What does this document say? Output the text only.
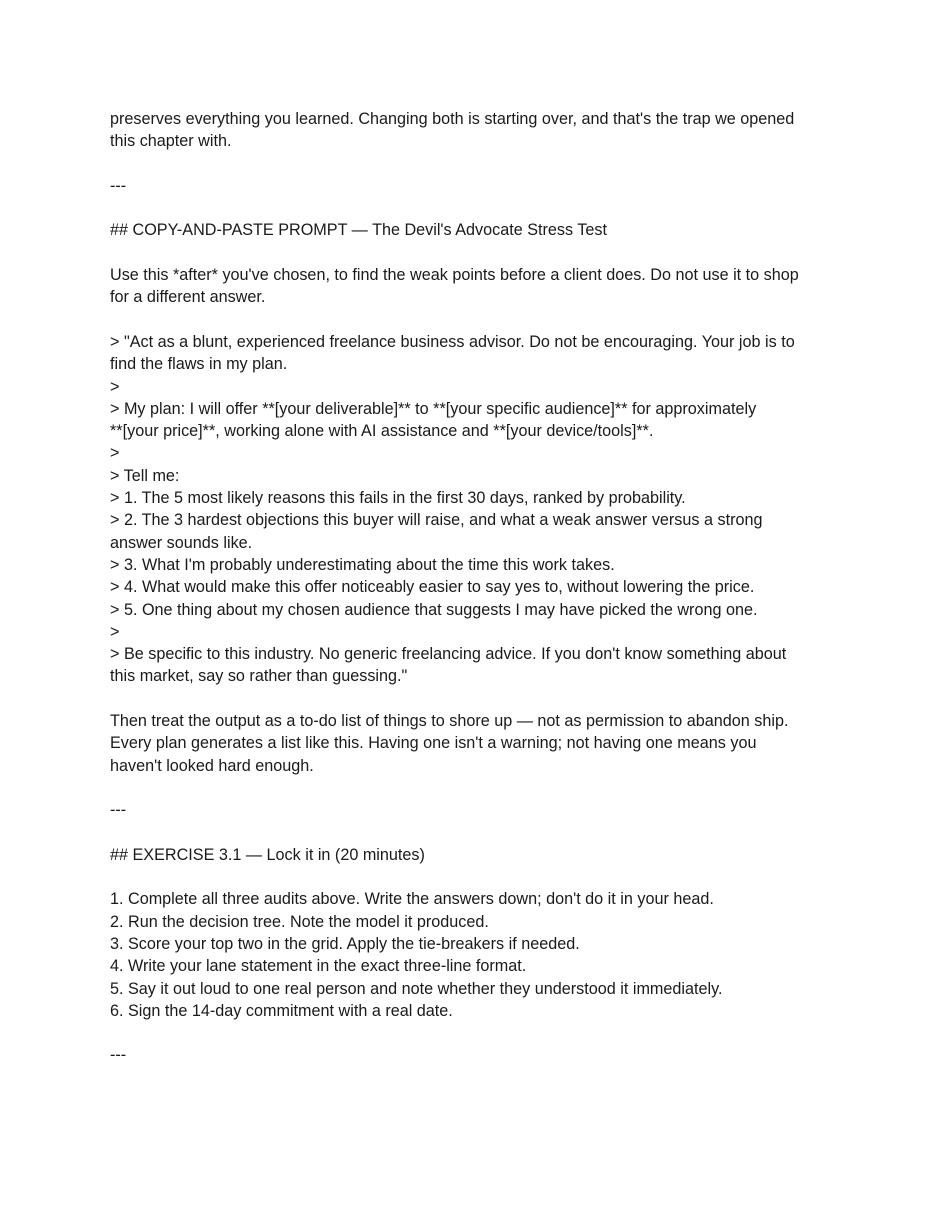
preserves everything you learned. Changing both is starting over, and that's the trap we opened
this chapter with.
---
## COPY-AND-PASTE PROMPT — The Devil's Advocate Stress Test
Use this *after* you've chosen, to find the weak points before a client does. Do not use it to shop
for a different answer.
> "Act as a blunt, experienced freelance business advisor. Do not be encouraging. Your job is to
find the flaws in my plan.
>
> My plan: I will offer **[your deliverable]** to **[your specific audience]** for approximately
**[your price]**, working alone with AI assistance and **[your device/tools]**.
>
> Tell me:
> 1. The 5 most likely reasons this fails in the first 30 days, ranked by probability.
> 2. The 3 hardest objections this buyer will raise, and what a weak answer versus a strong
answer sounds like.
> 3. What I'm probably underestimating about the time this work takes.
> 4. What would make this offer noticeably easier to say yes to, without lowering the price.
> 5. One thing about my chosen audience that suggests I may have picked the wrong one.
>
> Be specific to this industry. No generic freelancing advice. If you don't know something about
this market, say so rather than guessing."
Then treat the output as a to-do list of things to shore up — not as permission to abandon ship.
Every plan generates a list like this. Having one isn't a warning; not having one means you
haven't looked hard enough.
---
## EXERCISE 3.1 — Lock it in (20 minutes)
1. Complete all three audits above. Write the answers down; don't do it in your head.
2. Run the decision tree. Note the model it produced.
3. Score your top two in the grid. Apply the tie-breakers if needed.
4. Write your lane statement in the exact three-line format.
5. Say it out loud to one real person and note whether they understood it immediately.
6. Sign the 14-day commitment with a real date.
---
